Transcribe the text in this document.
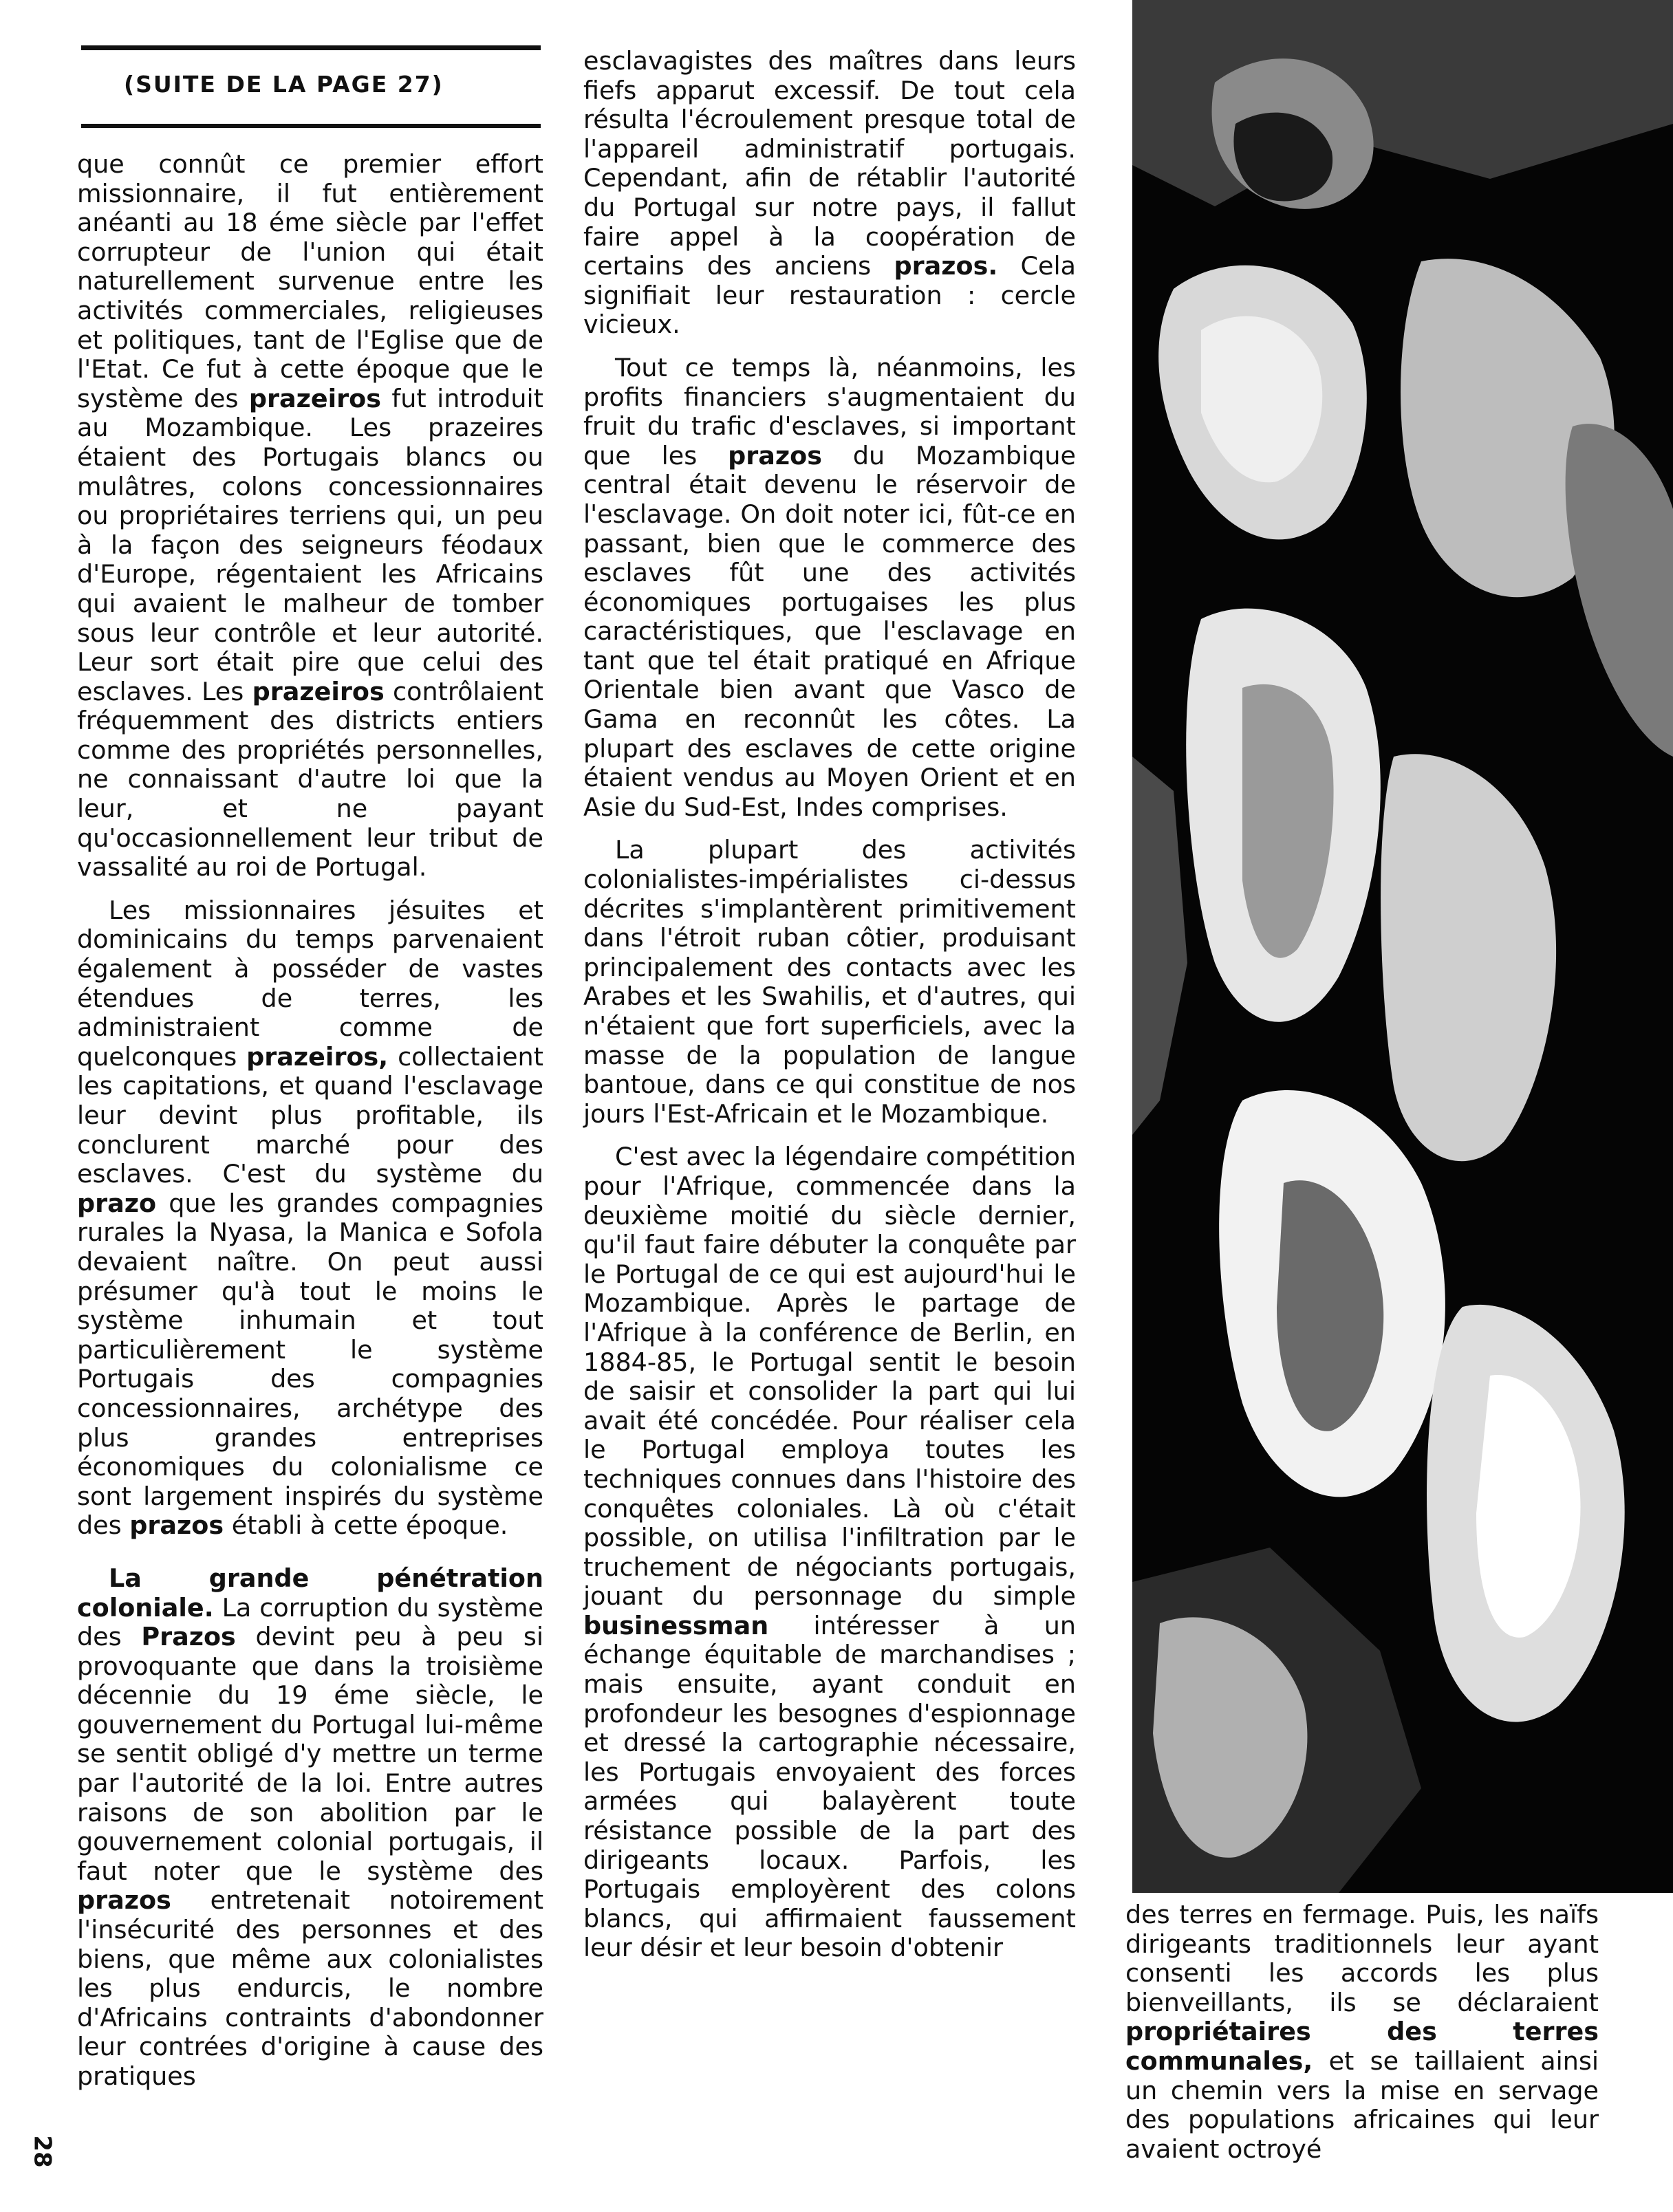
(SUITE DE LA PAGE 27)

que connût ce premier effort missionnaire, il fut entièrement anéanti au 18 éme siècle par l'effet corrupteur de l'union qui était naturellement survenue entre les activités commerciales, religieuses et politiques, tant de l'Eglise que de l'Etat. Ce fut à cette époque que le système des prazeiros fut introduit au Mozambique. Les prazeires étaient des Portugais blancs ou mulâtres, colons concessionnaires ou propriétaires terriens qui, un peu à la façon des seigneurs féodaux d'Europe, régentaient les Africains qui avaient le malheur de tomber sous leur contrôle et leur autorité. Leur sort était pire que celui des esclaves. Les prazeiros contrôlaient fréquemment des districts entiers comme des propriétés personnelles, ne connaissant d'autre loi que la leur, et ne payant qu'occasionnellement leur tribut de vassalité au roi de Portugal.

Les missionnaires jésuites et dominicains du temps parvenaient également à posséder de vastes étendues de terres, les administraient comme de quelconques prazeiros, collectaient les capitations, et quand l'esclavage leur devint plus profitable, ils conclurent marché pour des esclaves. C'est du système du prazo que les grandes compagnies rurales la Nyasa, la Manica e Sofola devaient naître. On peut aussi présumer qu'à tout le moins le système inhumain et tout particulièrement le système Portugais des compagnies concessionnaires, archétype des plus grandes entreprises économiques du colonialisme ce sont largement inspirés du système des prazos établi à cette époque.

La grande pénétration coloniale. La corruption du système des Prazos devint peu à peu si provoquante que dans la troisième décennie du 19 éme siècle, le gouvernement du Portugal lui-même se sentit obligé d'y mettre un terme par l'autorité de la loi. Entre autres raisons de son abolition par le gouvernement colonial portugais, il faut noter que le système des prazos entretenait notoirement l'insécurité des personnes et des biens, que même aux colonialistes les plus endurcis, le nombre d'Africains contraints d'abondonner leur contrées d'origine à cause des pratiques

esclavagistes des maîtres dans leurs fiefs apparut excessif. De tout cela résulta l'écroulement presque total de l'appareil administratif portugais. Cependant, afin de rétablir l'autorité du Portugal sur notre pays, il fallut faire appel à la coopération de certains des anciens prazos. Cela signifiait leur restauration : cercle vicieux.

Tout ce temps là, néanmoins, les profits financiers s'augmentaient du fruit du trafic d'esclaves, si important que les prazos du Mozambique central était devenu le réservoir de l'esclavage. On doit noter ici, fût-ce en passant, bien que le commerce des esclaves fût une des activités économiques portugaises les plus caractéristiques, que l'esclavage en tant que tel était pratiqué en Afrique Orientale bien avant que Vasco de Gama en reconnût les côtes. La plupart des esclaves de cette origine étaient vendus au Moyen Orient et en Asie du Sud-Est, Indes comprises.

La plupart des activités colonialistes-impérialistes ci-dessus décrites s'implantèrent primitivement dans l'étroit ruban côtier, produisant principalement des contacts avec les Arabes et les Swahilis, et d'autres, qui n'étaient que fort superficiels, avec la masse de la population de langue bantoue, dans ce qui constitue de nos jours l'Est-Africain et le Mozambique.

C'est avec la légendaire compétition pour l'Afrique, commencée dans la deuxième moitié du siècle dernier, qu'il faut faire débuter la conquête par le Portugal de ce qui est aujourd'hui le Mozambique. Après le partage de l'Afrique à la conférence de Berlin, en 1884-85, le Portugal sentit le besoin de saisir et consolider la part qui lui avait été concédée. Pour réaliser cela le Portugal employa toutes les techniques connues dans l'histoire des conquêtes coloniales. Là où c'était possible, on utilisa l'infiltration par le truchement de négociants portugais, jouant du personnage du simple businessman intéresser à un échange équitable de marchandises ; mais ensuite, ayant conduit en profondeur les besognes d'espionnage et dressé la cartographie nécessaire, les Portugais envoyaient des forces armées qui balayèrent toute résistance possible de la part des dirigeants locaux. Parfois, les Portugais employèrent des colons blancs, qui affirmaient faussement leur désir et leur besoin d'obtenir

des terres en fermage. Puis, les naïfs dirigeants traditionnels leur ayant consenti les accords les plus bienveillants, ils se déclaraient propriétaires des terres communales, et se taillaient ainsi un chemin vers la mise en servage des populations africaines qui leur avaient octroyé

28
